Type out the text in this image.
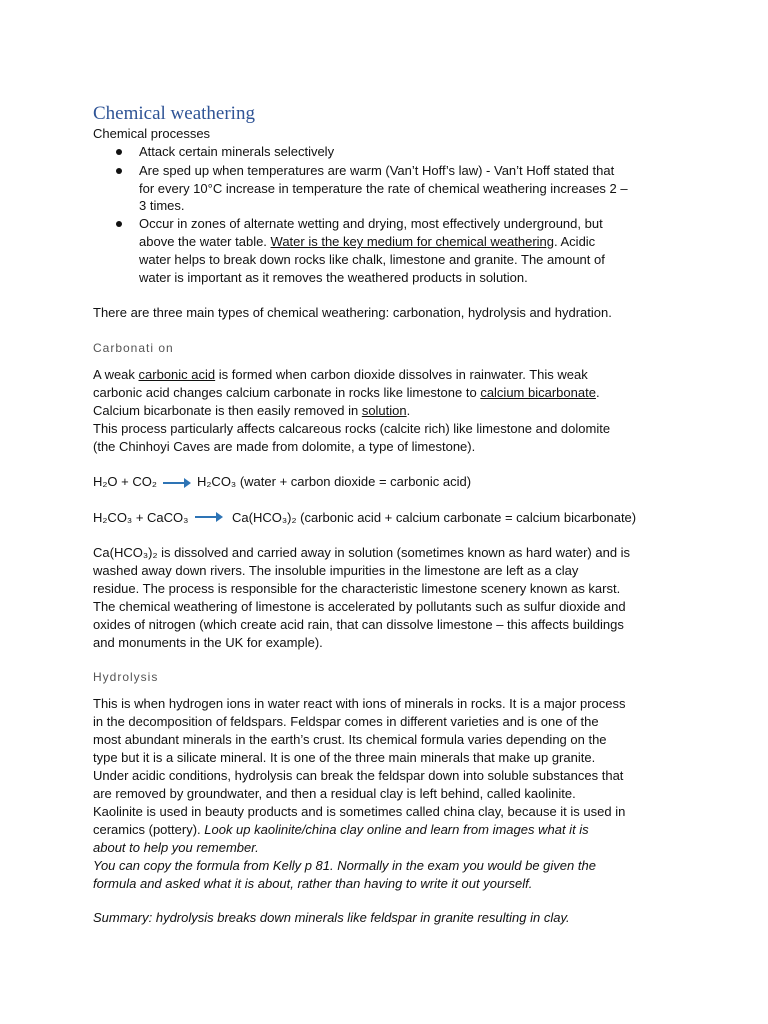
Chemical weathering
Chemical processes
Attack certain minerals selectively
Are sped up when temperatures are warm (Van’t Hoff’s law) - Van’t Hoff stated that
for every 10°C increase in temperature the rate of chemical weathering increases 2 –
3 times.
Occur in zones of alternate wetting and drying, most effectively underground, but
above the water table. Water is the key medium for chemical weathering. Acidic
water helps to break down rocks like chalk, limestone and granite. The amount of
water is important as it removes the weathered products in solution.
There are three main types of chemical weathering: carbonation, hydrolysis and hydration.
Carbonati on
A weak carbonic acid is formed when carbon dioxide dissolves in rainwater. This weak
carbonic acid changes calcium carbonate in rocks like limestone to calcium bicarbonate.
Calcium bicarbonate is then easily removed in solution.
This process particularly affects calcareous rocks (calcite rich) like limestone and dolomite
(the Chinhoyi Caves are made from dolomite, a type of limestone).
H₂O + CO₂ → H₂CO₃ (water + carbon dioxide = carbonic acid)
H₂CO₃ + CaCO₃ → Ca(HCO₃)₂ (carbonic acid + calcium carbonate = calcium bicarbonate)
Ca(HCO₃)₂ is dissolved and carried away in solution (sometimes known as hard water) and is
washed away down rivers. The insoluble impurities in the limestone are left as a clay
residue. The process is responsible for the characteristic limestone scenery known as karst.
The chemical weathering of limestone is accelerated by pollutants such as sulfur dioxide and
oxides of nitrogen (which create acid rain, that can dissolve limestone – this affects buildings
and monuments in the UK for example).
Hydrolysis
This is when hydrogen ions in water react with ions of minerals in rocks. It is a major process
in the decomposition of feldspars. Feldspar comes in different varieties and is one of the
most abundant minerals in the earth’s crust. Its chemical formula varies depending on the
type but it is a silicate mineral. It is one of the three main minerals that make up granite.
Under acidic conditions, hydrolysis can break the feldspar down into soluble substances that
are removed by groundwater, and then a residual clay is left behind, called kaolinite.
Kaolinite is used in beauty products and is sometimes called china clay, because it is used in
ceramics (pottery). Look up kaolinite/china clay online and learn from images what it is
about to help you remember.
You can copy the formula from Kelly p 81. Normally in the exam you would be given the
formula and asked what it is about, rather than having to write it out yourself.
Summary: hydrolysis breaks down minerals like feldspar in granite resulting in clay.
